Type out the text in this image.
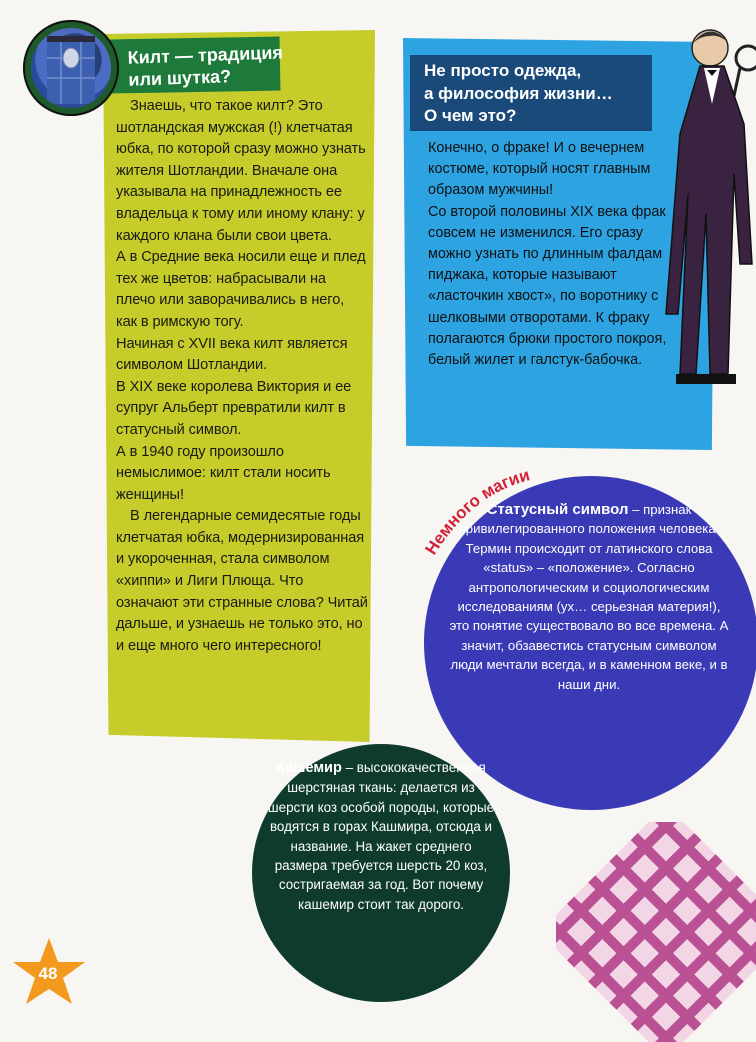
Килт — традиция
или шутка?

Знаешь, что такое килт? Это шотландская мужская (!) клетчатая юбка, по которой сразу можно узнать жителя Шотландии. Вначале она указывала на принадлежность ее владельца к тому или иному клану: у каждого клана были свои цвета.

А в Средние века носили еще и плед тех же цветов: набрасывали на плечо или заворачивались в него, как в римскую тогу.

Начиная с XVII века килт является символом Шотландии.

В XIX веке королева Виктория и ее супруг Альберт превратили килт в статусный символ.

А в 1940 году произошло немыслимое: килт стали носить женщины!

В легендарные семидесятые годы клетчатая юбка, модернизированная и укороченная, стала символом «хиппи» и Лиги Плюща. Что означают эти странные слова? Читай дальше, и узнаешь не только это, но и еще много чего интересного!

Не просто одежда,
а философия жизни…
О чем это?

Конечно, о фраке! И о вечернем костюме, который носят главным образом мужчины!

Со второй половины XIX века фрак совсем не изменился. Его сразу можно узнать по длинным фалдам пиджака, которые называют «ласточкин хвост», по воротнику с шелковыми отворотами. К фраку полагаются брюки простого покроя, белый жилет и галстук-бабочка.

Немного магии
Статусный символ – признак привилегированного положения человека. Термин происходит от латинского слова «status» – «положение». Согласно антропологическим и социологическим исследованиям (ух… серьезная материя!), это понятие существовало во все времена. А значит, обзавестись статусным символом люди мечтали всегда, и в каменном веке, и в наши дни.
Кашемир – высококачественная шерстяная ткань: делается из шерсти коз особой породы, которые водятся в горах Кашмира, отсюда и название. На жакет среднего размера требуется шерсть 20 коз, состригаемая за год. Вот почему кашемир стоит так дорого.
48
